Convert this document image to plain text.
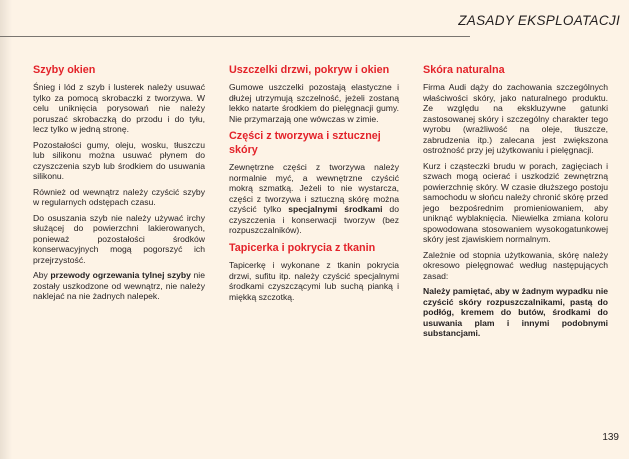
ZASADY EKSPLOATACJI
Szyby okien

Śnieg i lód z szyb i lusterek należy usuwać tylko za pomocą skrobaczki z tworzywa. W celu uniknięcia porysowań nie należy poruszać skrobaczką do przodu i do tyłu, lecz tylko w jedną stronę.

Pozostałości gumy, oleju, wosku, tłuszczu lub silikonu można usuwać płynem do czyszczenia szyb lub środkiem do usuwania silikonu.

Również od wewnątrz należy czyścić szyby w regularnych odstępach czasu.

Do osuszania szyb nie należy używać irchy służącej do powierzchni lakierowanych, ponieważ pozostałości środków konserwacyjnych mogą pogorszyć ich przejrzystość.

Aby przewody ogrzewania tylnej szyby nie zostały uszkodzone od wewnątrz, nie należy naklejać na nie żadnych nalepek.

Uszczelki drzwi, pokryw i okien

Gumowe uszczelki pozostają elastyczne i dłużej utrzymują szczelność, jeżeli zostaną lekko natarte środkiem do pielęgnacji gumy. Nie przymarzają one wówczas w zimie.

Części z tworzywa i sztucznej skóry

Zewnętrzne części z tworzywa należy normalnie myć, a wewnętrzne czyścić mokrą szmatką. Jeżeli to nie wystarcza, części z tworzywa i sztuczną skórę można czyścić tylko specjalnymi środkami do czyszczenia i konserwacji tworzyw (bez rozpuszczalników).

Tapicerka i pokrycia z tkanin

Tapicerkę i wykonane z tkanin pokrycia drzwi, sufitu itp. należy czyścić specjalnymi środkami czyszczącymi lub suchą pianką i miękką szczotką.

Skóra naturalna

Firma Audi dąży do zachowania szczególnych właściwości skóry, jako naturalnego produktu. Ze względu na ekskluzywne gatunki zastosowanej skóry i szczególny charakter tego wyrobu (wrażliwość na oleje, tłuszcze, zabrudzenia itp.) zalecana jest zwiększona ostrożność przy jej użytkowaniu i pielęgnacji.

Kurz i cząsteczki brudu w porach, zagięciach i szwach mogą ocierać i uszkodzić zewnętrzną powierzchnię skóry. W czasie dłuższego postoju samochodu w słońcu należy chronić skórę przed jego bezpośrednim promieniowaniem, aby uniknąć wyblaknięcia. Niewielka zmiana koloru spowodowana stosowaniem wysokogatunkowej skóry jest zjawiskiem normalnym.

Zależnie od stopnia użytkowania, skórę należy okresowo pielęgnować według następujących zasad:

Należy pamiętać, aby w żadnym wypadku nie czyścić skóry rozpuszczalnikami, pastą do podłóg, kremem do butów, środkami do usuwania plam i innymi podobnymi substancjami.

139
